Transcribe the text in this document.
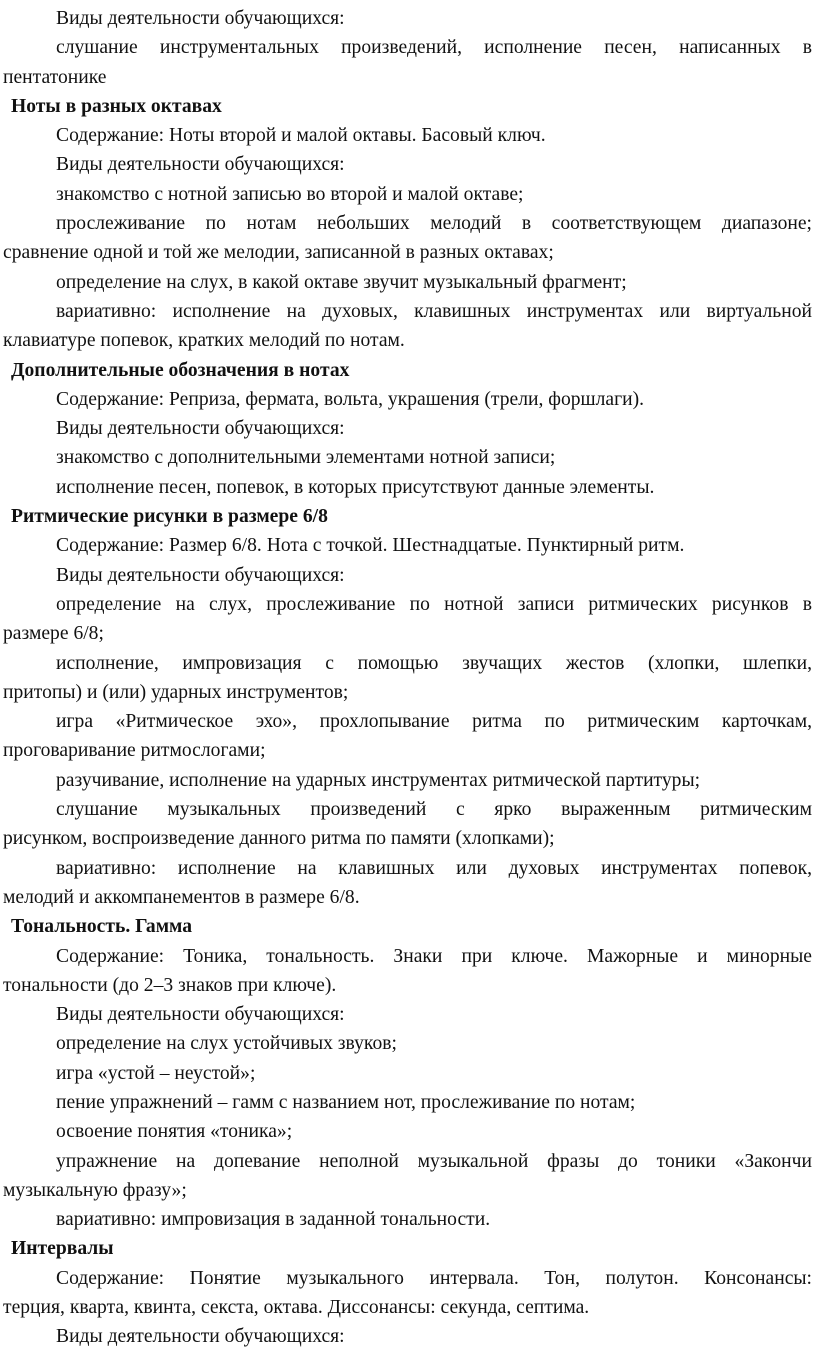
Виды деятельности обучающихся:
слушание инструментальных произведений, исполнение песен, написанных в
пентатонике
Ноты в разных октавах
Содержание: Ноты второй и малой октавы. Басовый ключ.
Виды деятельности обучающихся:
знакомство с нотной записью во второй и малой октаве;
прослеживание по нотам небольших мелодий в соответствующем диапазоне;
сравнение одной и той же мелодии, записанной в разных октавах;
определение на слух, в какой октаве звучит музыкальный фрагмент;
вариативно: исполнение на духовых, клавишных инструментах или виртуальной
клавиатуре попевок, кратких мелодий по нотам.
Дополнительные обозначения в нотах
Содержание: Реприза, фермата, вольта, украшения (трели, форшлаги).
Виды деятельности обучающихся:
знакомство с дополнительными элементами нотной записи;
исполнение песен, попевок, в которых присутствуют данные элементы.
Ритмические рисунки в размере 6/8
Содержание: Размер 6/8. Нота с точкой. Шестнадцатые. Пунктирный ритм.
Виды деятельности обучающихся:
определение на слух, прослеживание по нотной записи ритмических рисунков в
размере 6/8;
исполнение, импровизация с помощью звучащих жестов (хлопки, шлепки,
притопы) и (или) ударных инструментов;
игра «Ритмическое эхо», прохлопывание ритма по ритмическим карточкам,
проговаривание ритмослогами;
разучивание, исполнение на ударных инструментах ритмической партитуры;
слушание музыкальных произведений с ярко выраженным ритмическим
рисунком, воспроизведение данного ритма по памяти (хлопками);
вариативно: исполнение на клавишных или духовых инструментах попевок,
мелодий и аккомпанементов в размере 6/8.
Тональность. Гамма
Содержание: Тоника, тональность. Знаки при ключе. Мажорные и минорные
тональности (до 2–3 знаков при ключе).
Виды деятельности обучающихся:
определение на слух устойчивых звуков;
игра «устой – неустой»;
пение упражнений – гамм с названием нот, прослеживание по нотам;
освоение понятия «тоника»;
упражнение на допевание неполной музыкальной фразы до тоники «Закончи
музыкальную фразу»;
вариативно: импровизация в заданной тональности.
Интервалы
Содержание: Понятие музыкального интервала. Тон, полутон. Консонансы:
терция, кварта, квинта, секста, октава. Диссонансы: секунда, септима.
Виды деятельности обучающихся:
